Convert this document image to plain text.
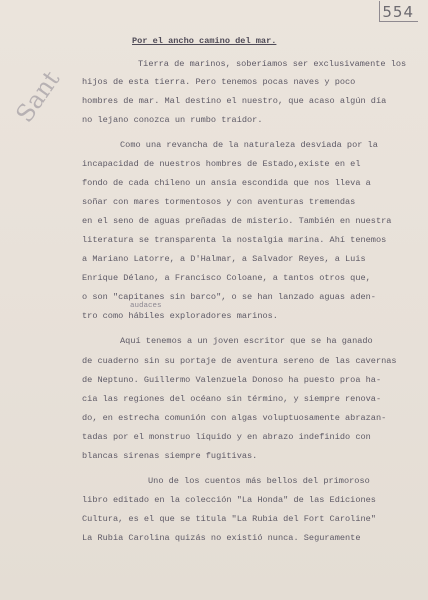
554
Sant
Por el ancho camino del mar.
Tierra de marinos, soberíamos ser exclusivamente los
hijos de esta tierra. Pero tenemos pocas naves y poco
hombres de mar. Mal destino el nuestro, que acaso algún día
no lejano conozca un rumbo traidor.
Como una revancha de la naturaleza desviada por la
incapacidad de nuestros hombres de Estado,existe en el
fondo de cada chileno un ansia escondida que nos lleva a
soñar con mares tormentosos y con aventuras tremendas
en el seno de aguas preñadas de misterio. También en nuestra
literatura se transparenta la nostalgia marina. Ahí tenemos
a Mariano Latorre, a D'Halmar, a Salvador Reyes, a Luis
Enrique Délano, a Francisco Coloane, a tantos otros que,
o son "capitanes sin barco", o se han lanzado aguas aden-
audaces
tro como hábiles exploradores marinos.
Aquí tenemos a un joven escritor que se ha ganado
de cuaderno sin su portaje de aventura sereno de las cavernas
de Neptuno. Guillermo Valenzuela Donoso ha puesto proa ha-
cia las regiones del océano sin término, y siempre renova-
do, en estrecha comunión con algas voluptuosamente abrazan-
tadas por el monstruo líquido y en abrazo indefinido con
blancas sirenas siempre fugitivas.
Uno de los cuentos más bellos del primoroso
libro editado en la colección "La Honda" de las Ediciones
Cultura, es el que se titula "La Rubia del Fort Caroline"
La Rubia Carolina quizás no existió nunca. Seguramente
